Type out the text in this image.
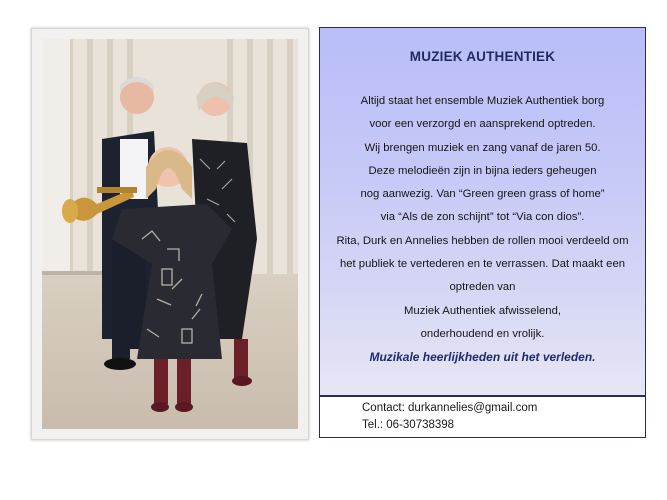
MUZIEK AUTHENTIEK
Altijd staat het ensemble Muziek Authentiek borg
voor een verzorgd en aansprekend optreden.
Wij brengen muziek en zang vanaf de jaren 50.
Deze melodieën zijn in bijna ieders geheugen
nog aanwezig. Van “Green green grass of home”
via “Als de zon schijnt” tot “Via con dios”.
Rita, Durk en Annelies hebben de rollen mooi verdeeld om
het publiek te vertederen en te verrassen. Dat maakt een
optreden van
Muziek Authentiek afwisselend,
onderhoudend en vrolijk.
Muzikale heerlijkheden uit het verleden.
Contact: durkannelies@gmail.com
Tel.: 06-30738398
